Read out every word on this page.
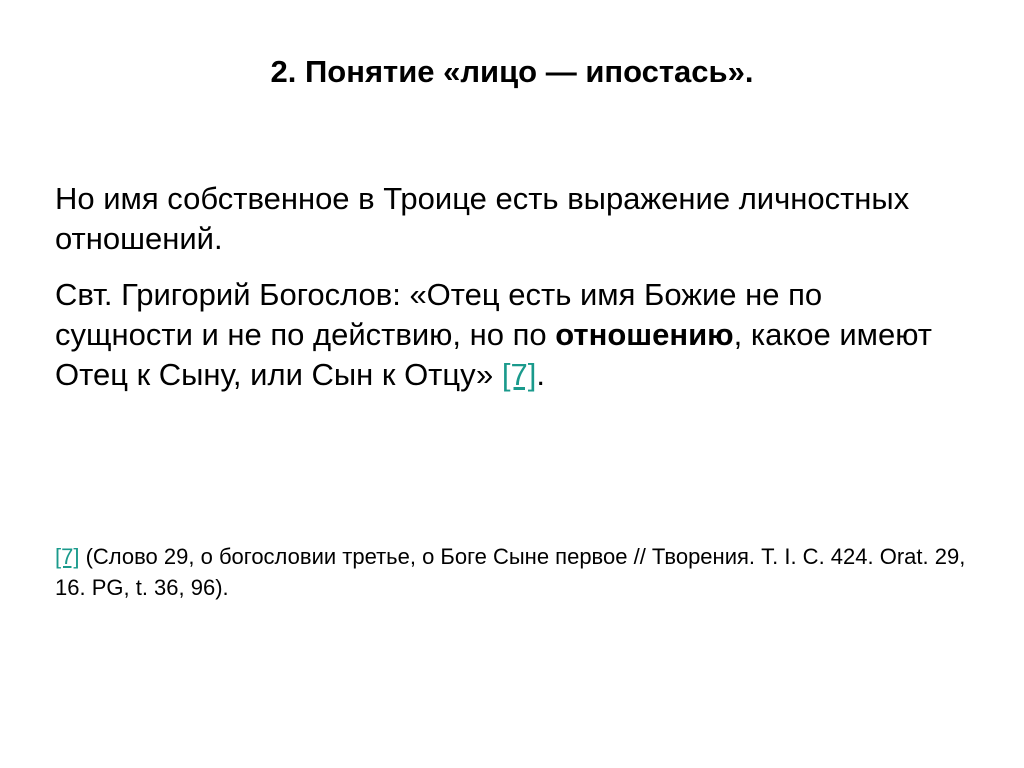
2. Понятие «лицо — ипостась».

Но имя собственное в Троице есть выражение личностных отношений.

Свт. Григорий Богослов: «Отец есть имя Божие не по сущности и не по действию, но по отношению, какое имеют Отец к Сыну, или Сын к Отцу» [7].

[7] (Слово 29, о богословии третье, о Боге Сыне первое // Творения. Т. I. С. 424. Orat. 29, 16. PG, t. 36, 96).
